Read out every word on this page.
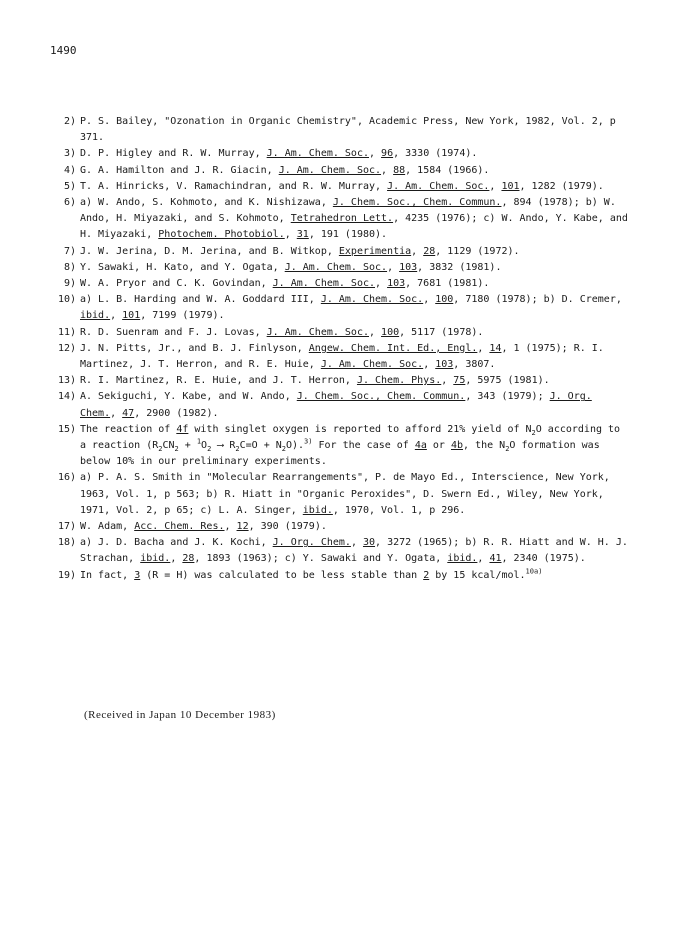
1490
2) P. S. Bailey, "Ozonation in Organic Chemistry", Academic Press, New York, 1982, Vol. 2, p 371.
3) D. P. Higley and R. W. Murray, J. Am. Chem. Soc., 96, 3330 (1974).
4) G. A. Hamilton and J. R. Giacin, J. Am. Chem. Soc., 88, 1584 (1966).
5) T. A. Hinricks, V. Ramachindran, and R. W. Murray, J. Am. Chem. Soc., 101, 1282 (1979).
6) a) W. Ando, S. Kohmoto, and K. Nishizawa, J. Chem. Soc., Chem. Commun., 894 (1978); b) W. Ando, H. Miyazaki, and S. Kohmoto, Tetrahedron Lett., 4235 (1976); c) W. Ando, Y. Kabe, and H. Miyazaki, Photochem. Photobiol., 31, 191 (1980).
7) J. W. Jerina, D. M. Jerina, and B. Witkop, Experimentia, 28, 1129 (1972).
8) Y. Sawaki, H. Kato, and Y. Ogata, J. Am. Chem. Soc., 103, 3832 (1981).
9) W. A. Pryor and C. K. Govindan, J. Am. Chem. Soc., 103, 7681 (1981).
10) a) L. B. Harding and W. A. Goddard III, J. Am. Chem. Soc., 100, 7180 (1978); b) D. Cremer, ibid., 101, 7199 (1979).
11) R. D. Suenram and F. J. Lovas, J. Am. Chem. Soc., 100, 5117 (1978).
12) J. N. Pitts, Jr., and B. J. Finlyson, Angew. Chem. Int. Ed., Engl., 14, 1 (1975); R. I. Martinez, J. T. Herron, and R. E. Huie, J. Am. Chem. Soc., 103, 3807.
13) R. I. Martinez, R. E. Huie, and J. T. Herron, J. Chem. Phys., 75, 5975 (1981).
14) A. Sekiguchi, Y. Kabe, and W. Ando, J. Chem. Soc., Chem. Commun., 343 (1979); J. Org. Chem., 47, 2900 (1982).
15) The reaction of 4f with singlet oxygen is reported to afford 21% yield of $N_2O$ according to a reaction ($R_2CN_2 + ^1O_2$ ⟶ $R_2C=O + N_2O).^{3)}$ For the case of 4a or 4b, the $N_2O$ formation was below 10% in our preliminary experiments.
16) a) P. A. S. Smith in "Molecular Rearrangements", P. de Mayo Ed., Interscience, New York, 1963, Vol. 1, p 563; b) R. Hiatt in "Organic Peroxides", D. Swern Ed., Wiley, New York, 1971, Vol. 2, p 65; c) L. A. Singer, ibid., 1970, Vol. 1, p 296.
17) W. Adam, Acc. Chem. Res., 12, 390 (1979).
18) a) J. D. Bacha and J. K. Kochi, J. Org. Chem., 30, 3272 (1965); b) R. R. Hiatt and W. H. J. Strachan, ibid., 28, 1893 (1963); c) Y. Sawaki and Y. Ogata, ibid., 41, 2340 (1975).
19) In fact, 3 (R = H) was calculated to be less stable than 2 by 15 kcal/mol.$^{10a)}$
(Received in Japan 10 December 1983)
